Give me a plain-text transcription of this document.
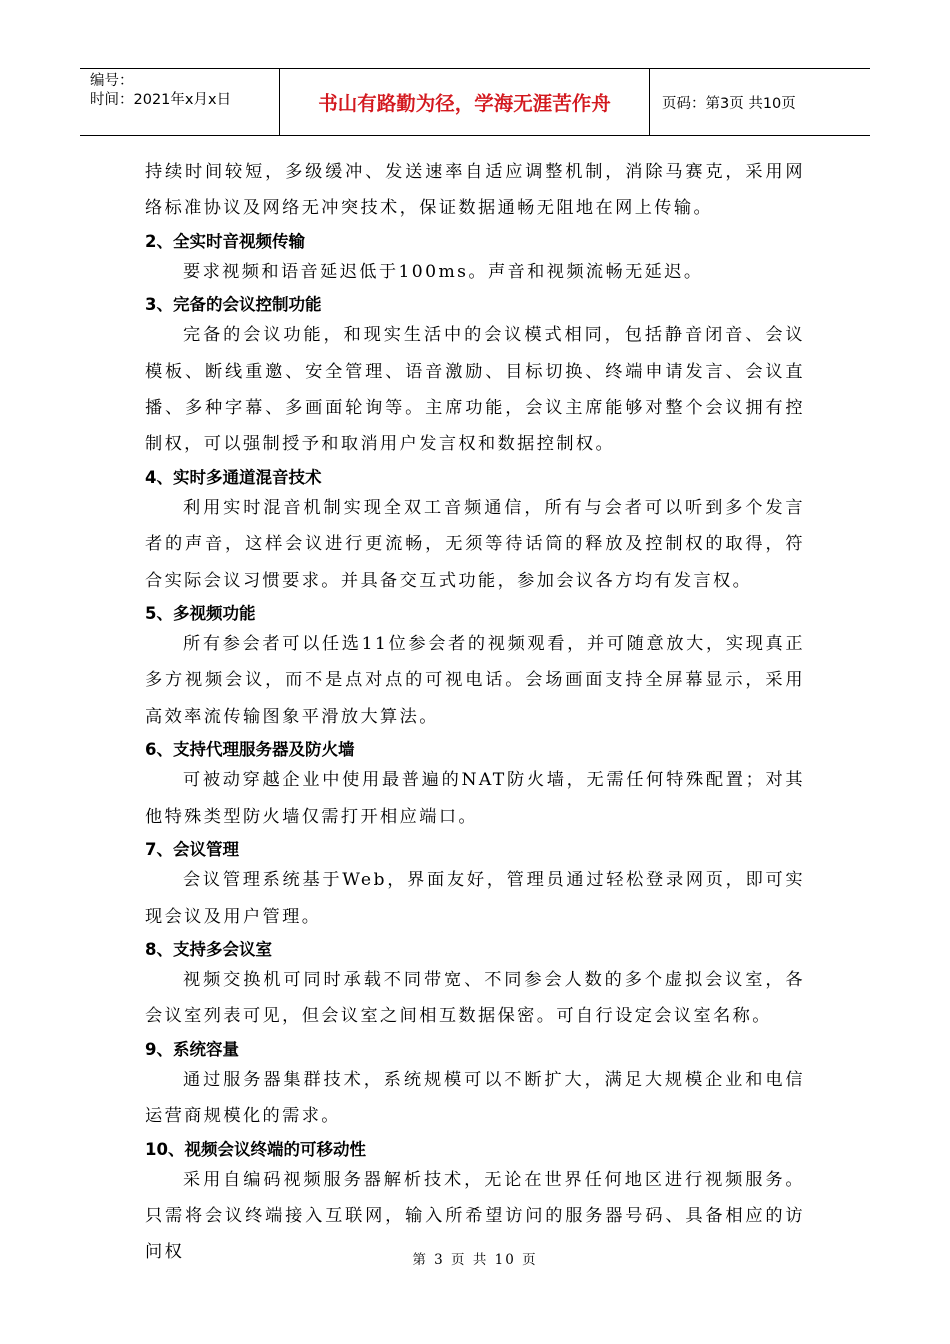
编号：
时间：2021年x月x日	书山有路勤为径，学海无涯苦作舟	页码：第3页 共10页

持续时间较短，多级缓冲、发送速率自适应调整机制，消除马赛克，采用网络标准协议及网络无冲突技术，保证数据通畅无阻地在网上传输。

2、全实时音视频传输

要求视频和语音延迟低于100ms。声音和视频流畅无延迟。

3、完备的会议控制功能

完备的会议功能，和现实生活中的会议模式相同，包括静音闭音、会议模板、断线重邀、安全管理、语音激励、目标切换、终端申请发言、会议直播、多种字幕、多画面轮询等。主席功能，会议主席能够对整个会议拥有控制权，可以强制授予和取消用户发言权和数据控制权。

4、实时多通道混音技术

利用实时混音机制实现全双工音频通信，所有与会者可以听到多个发言者的声音，这样会议进行更流畅，无须等待话筒的释放及控制权的取得，符合实际会议习惯要求。并具备交互式功能，参加会议各方均有发言权。

5、多视频功能

所有参会者可以任选11位参会者的视频观看，并可随意放大，实现真正多方视频会议，而不是点对点的可视电话。会场画面支持全屏幕显示，采用高效率流传输图象平滑放大算法。

6、支持代理服务器及防火墙

可被动穿越企业中使用最普遍的NAT防火墙，无需任何特殊配置；对其他特殊类型防火墙仅需打开相应端口。

7、会议管理

会议管理系统基于Web，界面友好，管理员通过轻松登录网页，即可实现会议及用户管理。

8、支持多会议室

视频交换机可同时承载不同带宽、不同参会人数的多个虚拟会议室，各会议室列表可见，但会议室之间相互数据保密。可自行设定会议室名称。

9、系统容量

通过服务器集群技术，系统规模可以不断扩大，满足大规模企业和电信运营商规模化的需求。

10、视频会议终端的可移动性

采用自编码视频服务器解析技术，无论在世界任何地区进行视频服务。只需将会议终端接入互联网，输入所希望访问的服务器号码、具备相应的访问权	第 3 页 共 10 页
